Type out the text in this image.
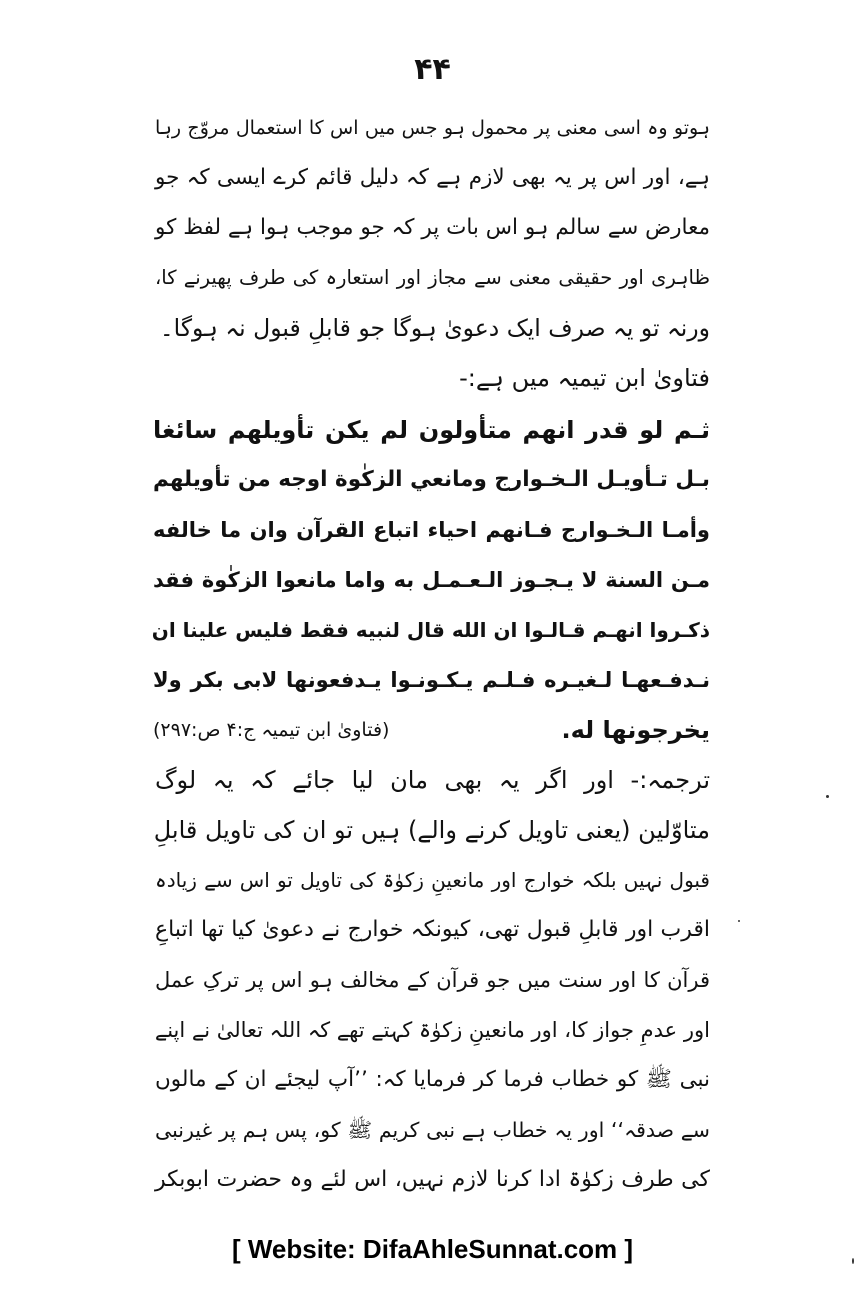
۴۴
ہوتو وہ اسی معنی پر محمول ہو جس میں اس کا استعمال مروّج رہا
ہے، اور اس پر یہ بھی لازم ہے کہ دلیل قائم کرے ایسی کہ جو
معارض سے سالم ہو اس بات پر کہ جو موجب ہوا ہے لفظ کو
ظاہری اور حقیقی معنی سے مجاز اور استعارہ کی طرف پھیرنے کا،
ورنہ تو یہ صرف ایک دعویٰ ہوگا جو قابلِ قبول نہ ہوگا۔
فتاویٰ ابن تیمیہ میں ہے:-
ثـم لو قدر انهم متأولون لم يكن تأويلهم سائغا
بـل تـأويـل الـخـوارج ومانعي الزكٰوة اوجه من تأويلهم
وأمـا الـخـوارج فـانهم احياء اتباع القرآن وان ما خالفه
مـن السنة لا يـجـوز الـعـمـل به واما مانعوا الزكٰوة فقد
ذكـروا انهـم قـالـوا ان الله قال لنبيه فقط فليس علينا ان
نـدفـعهـا لـغيـره فـلـم يـكـونـوا يـدفعونها لابى بكر ولا
يخرجونها له.
(فتاویٰ ابن تیمیہ ج:۴ ص:۲۹۷)
ترجمہ:- اور اگر یہ بھی مان لیا جائے کہ یہ لوگ
متاوّلین (یعنی تاویل کرنے والے) ہیں تو ان کی تاویل قابلِ
قبول نہیں بلکہ خوارج اور مانعینِ زکوٰۃ کی تاویل تو اس سے زیادہ
اقرب اور قابلِ قبول تھی، کیونکہ خوارج نے دعویٰ کیا تھا اتباعِ
قرآن کا اور سنت میں جو قرآن کے مخالف ہو اس پر ترکِ عمل
اور عدمِ جواز کا، اور مانعینِ زکوٰۃ کہتے تھے کہ اللہ تعالیٰ نے اپنے
نبی ﷺ کو خطاب فرما کر فرمایا کہ: ’’آپ لیجئے ان کے مالوں
سے صدقہ‘‘ اور یہ خطاب ہے نبی کریم ﷺ کو، پس ہم پر غیرنبی
کی طرف زکوٰۃ ادا کرنا لازم نہیں، اس لئے وہ حضرت ابوبکر
[ Website: DifaAhleSunnat.com ]
